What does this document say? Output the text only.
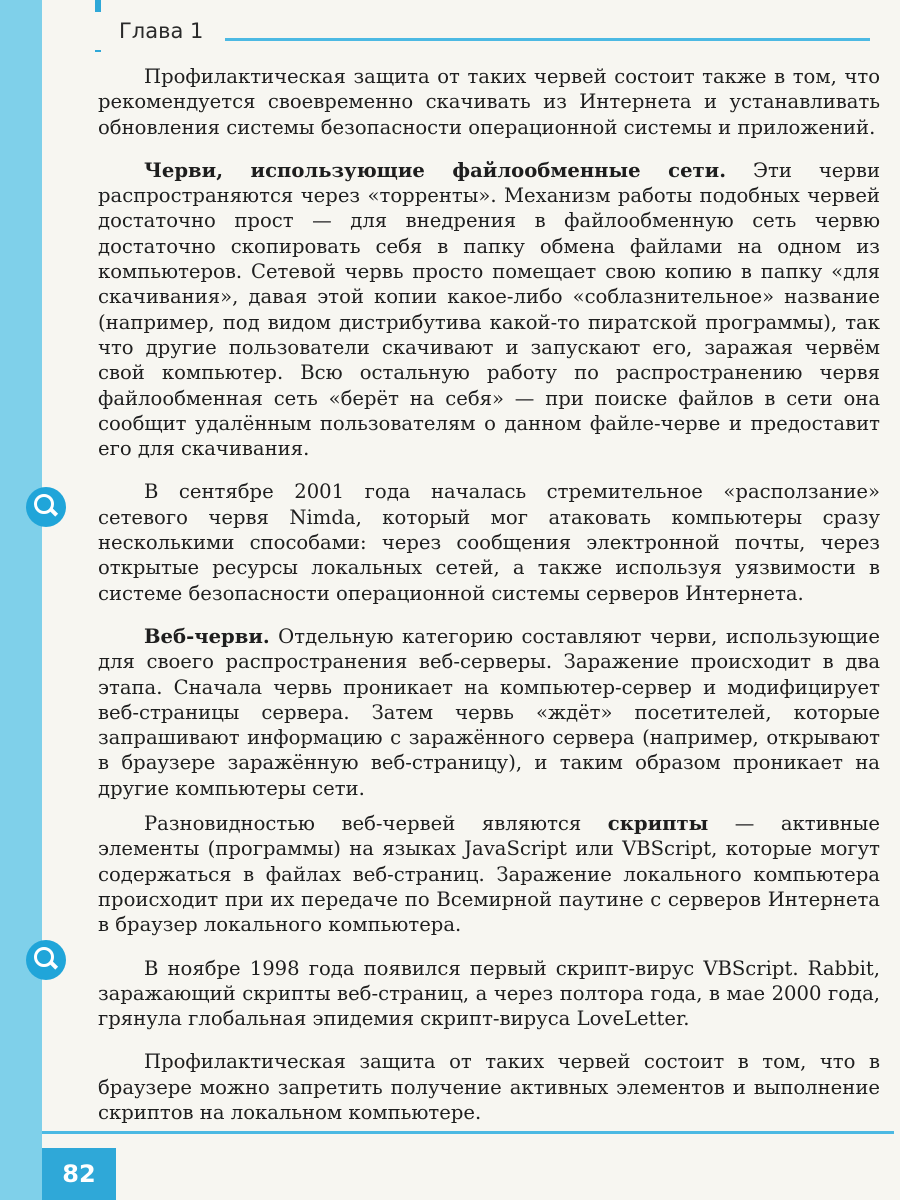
Глава 1

Профилактическая защита от таких червей состоит также в том, что рекомендуется своевременно скачивать из Интернета и устанавливать обновления системы безопасности операционной системы и приложений.

Черви, использующие файлообменные сети. Эти черви распространяются через «торренты». Механизм работы подобных червей достаточно прост — для внедрения в файлообменную сеть червю достаточно скопировать себя в папку обмена файлами на одном из компьютеров. Сетевой червь просто помещает свою копию в папку «для скачивания», давая этой копии какое-либо «соблазнительное» название (например, под видом дистрибутива какой-то пиратской программы), так что другие пользователи скачивают и запускают его, заражая червём свой компьютер. Всю остальную работу по распространению червя файлообменная сеть «берёт на себя» — при поиске файлов в сети она сообщит удалённым пользователям о данном файле-черве и предоставит его для скачивания.

В сентябре 2001 года началась стремительное «расползание» сетевого червя Nimda, который мог атаковать компьютеры сразу несколькими способами: через сообщения электронной почты, через открытые ресурсы локальных сетей, а также используя уязвимости в системе безопасности операционной системы серверов Интернета.

Веб-черви. Отдельную категорию составляют черви, использующие для своего распространения веб-серверы. Заражение происходит в два этапа. Сначала червь проникает на компьютер-сервер и модифицирует веб-страницы сервера. Затем червь «ждёт» посетителей, которые запрашивают информацию с заражённого сервера (например, открывают в браузере заражённую веб-страницу), и таким образом проникает на другие компьютеры сети.

Разновидностью веб-червей являются скрипты — активные элементы (программы) на языках JavaScript или VBScript, которые могут содержаться в файлах веб-страниц. Заражение локального компьютера происходит при их передаче по Всемирной паутине с серверов Интернета в браузер локального компьютера.

В ноябре 1998 года появился первый скрипт-вирус VBScript. Rabbit, заражающий скрипты веб-страниц, а через полтора года, в мае 2000 года, грянула глобальная эпидемия скрипт-вируса LoveLetter.

Профилактическая защита от таких червей состоит в том, что в браузере можно запретить получение активных элементов и выполнение скриптов на локальном компьютере.

82
